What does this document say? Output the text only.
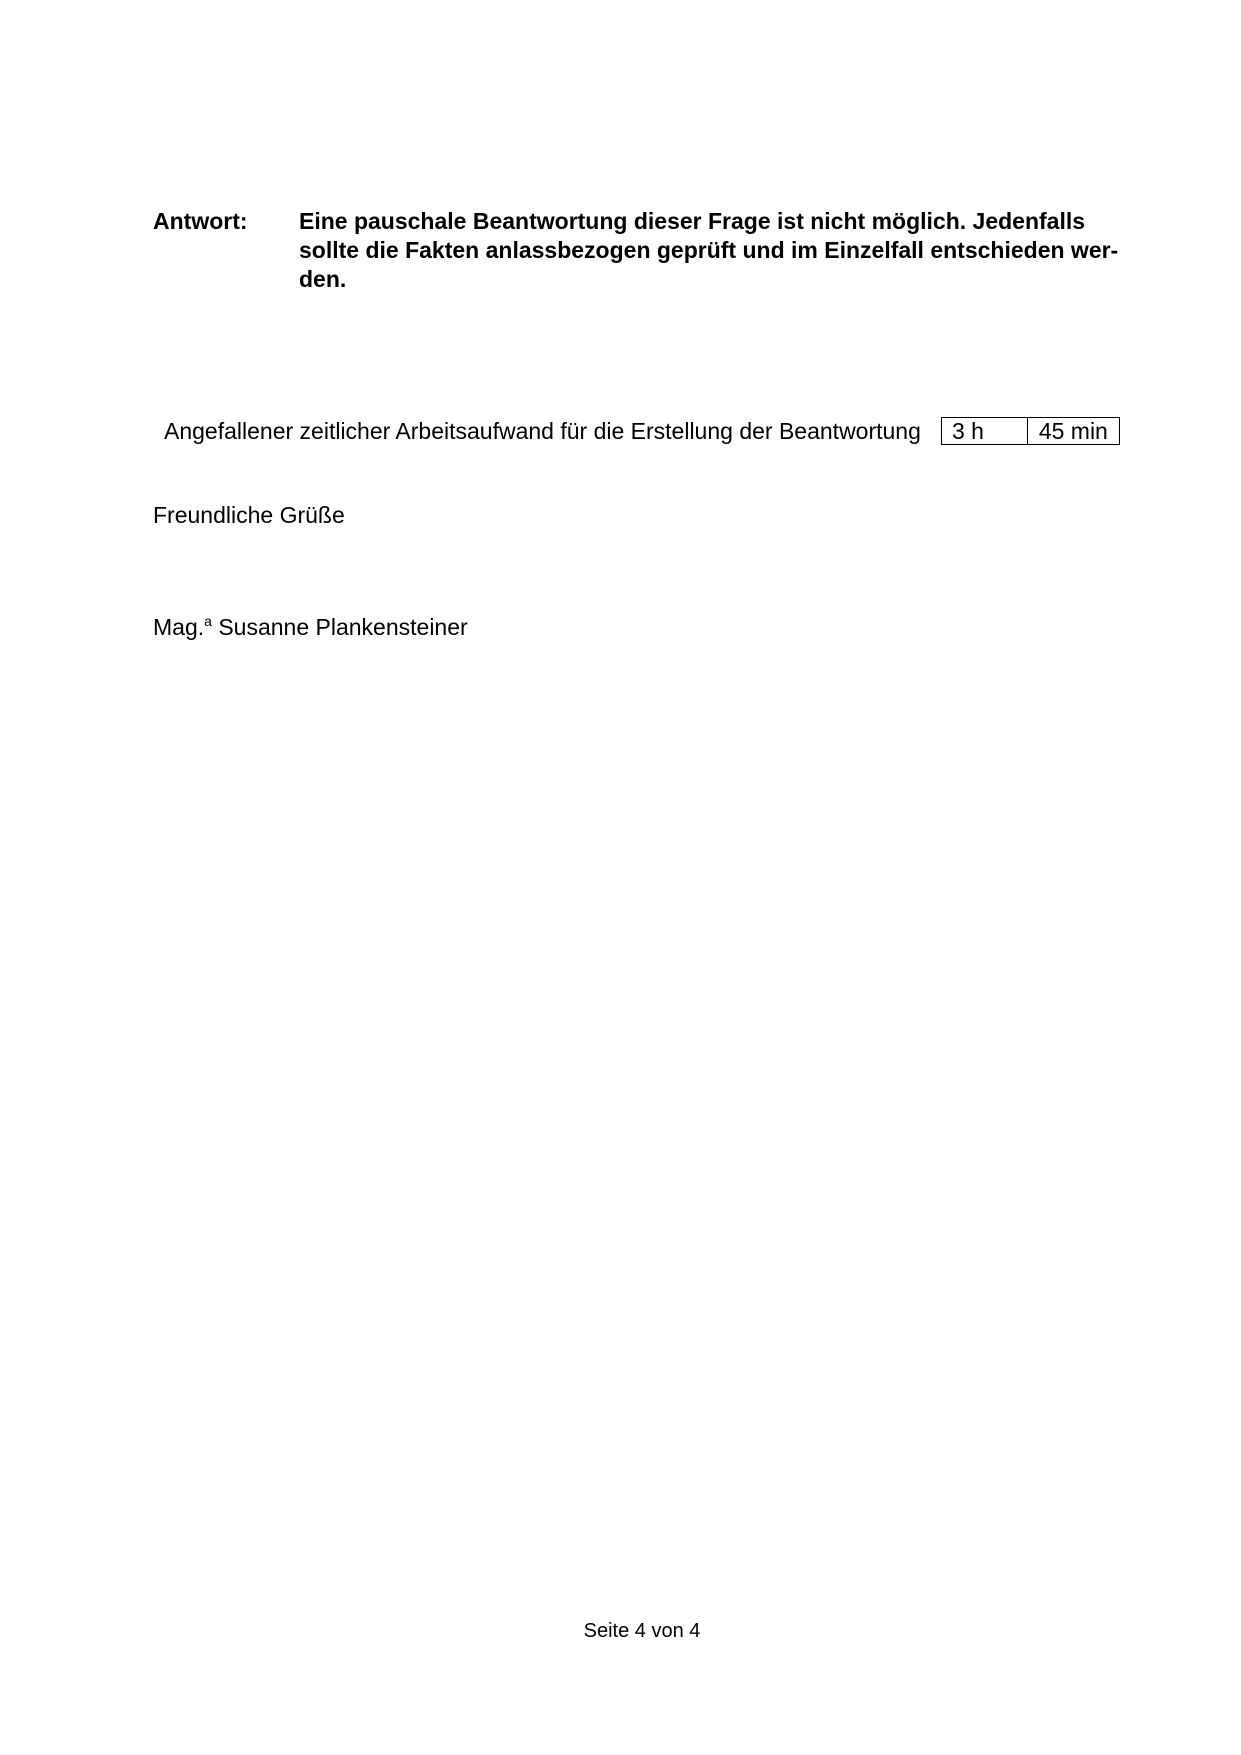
Antwort: Eine pauschale Beantwortung dieser Frage ist nicht möglich. Jedenfalls
sollte die Fakten anlassbezogen geprüft und im Einzelfall entschieden wer-
den.
Angefallener zeitlicher Arbeitsaufwand für die Erstellung der Beantwortung 3 h	45 min
Freundliche Grüße
Mag.$^a$ Susanne Plankensteiner
Seite 4 von 4
